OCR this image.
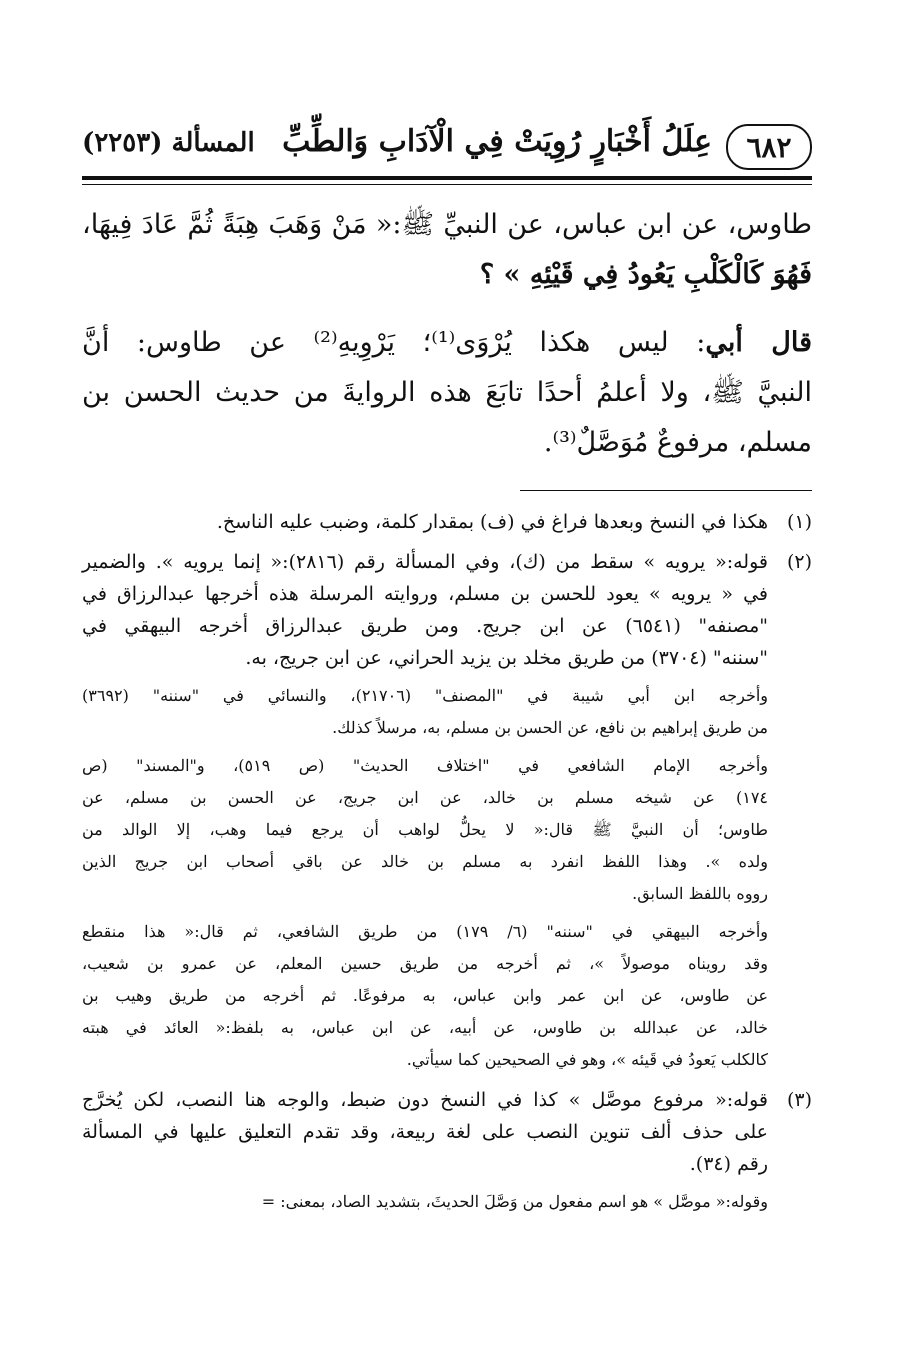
٦٨٢
عِلَلُ أَخْبَارٍ رُوِيَتْ فِي الْآدَابِ وَالطِّبِّ
المسألة (٢٢٥٣)

طاوس، عن ابن عباس، عن النبيِّ ﷺ:« مَنْ وَهَبَ هِبَةً ثُمَّ عَادَ فِيهَا،
فَهُوَ كَالْكَلْبِ يَعُودُ فِي قَيْئِهِ » ؟

قال أبي: ليس هكذا يُرْوَى⁽¹⁾؛ يَرْوِيهِ⁽²⁾ عن طاوس: أنَّ
النبيَّ ﷺ، ولا أعلمُ أحدًا تابَعَ هذه الروايةَ من حديث الحسن بن
مسلم، مرفوعٌ مُوَصَّلٌ⁽³⁾.

(١)
هكذا في النسخ وبعدها فراغ في (ف) بمقدار كلمة، وضبب عليه الناسخ.
(٢)
قوله:« يرويه » سقط من (ك)، وفي المسألة رقم (٢٨١٦):« إنما يرويه ». والضمير
في « يرويه » يعود للحسن بن مسلم، وروايته المرسلة هذه أخرجها عبدالرزاق في
"مصنفه" (٦٥٤١) عن ابن جريج. ومن طريق عبدالرزاق أخرجه البيهقي في
"سننه" (٣٧٠٤) من طريق مخلد بن يزيد الحراني، عن ابن جريج، به.
وأخرجه ابن أبي شيبة في "المصنف" (٢١٧٠٦)، والنسائي في "سننه" (٣٦٩٢)
من طريق إبراهيم بن نافع، عن الحسن بن مسلم، به، مرسلاً كذلك.
وأخرجه الإمام الشافعي في "اختلاف الحديث" (ص ٥١٩)، و"المسند" (ص
١٧٤) عن شيخه مسلم بن خالد، عن ابن جريج، عن الحسن بن مسلم، عن
طاوس؛ أن النبيَّ ﷺ قال:« لا يحلُّ لواهب أن يرجع فيما وهب، إلا الوالد من
ولده ». وهذا اللفظ انفرد به مسلم بن خالد عن باقي أصحاب ابن جريج الذين
رووه باللفظ السابق.
وأخرجه البيهقي في "سننه" (٦/ ١٧٩) من طريق الشافعي، ثم قال:« هذا منقطع
وقد رويناه موصولاً »، ثم أخرجه من طريق حسين المعلم، عن عمرو بن شعيب،
عن طاوس، عن ابن عمر وابن عباس، به مرفوعًا. ثم أخرجه من طريق وهيب بن
خالد، عن عبدالله بن طاوس، عن أبيه، عن ابن عباس، به بلفظ:« العائد في هبته
كالكلب يَعودُ في قَيئه »، وهو في الصحيحين كما سيأتي.
(٣)
قوله:« مرفوع موصَّل » كذا في النسخ دون ضبط، والوجه هنا النصب، لكن يُخرَّج
على حذف ألف تنوين النصب على لغة ربيعة، وقد تقدم التعليق عليها في المسألة
رقم (٣٤).
وقوله:« موصَّل » هو اسم مفعول من وَصَّلَ الحديثَ، بتشديد الصاد، بمعنى: =
